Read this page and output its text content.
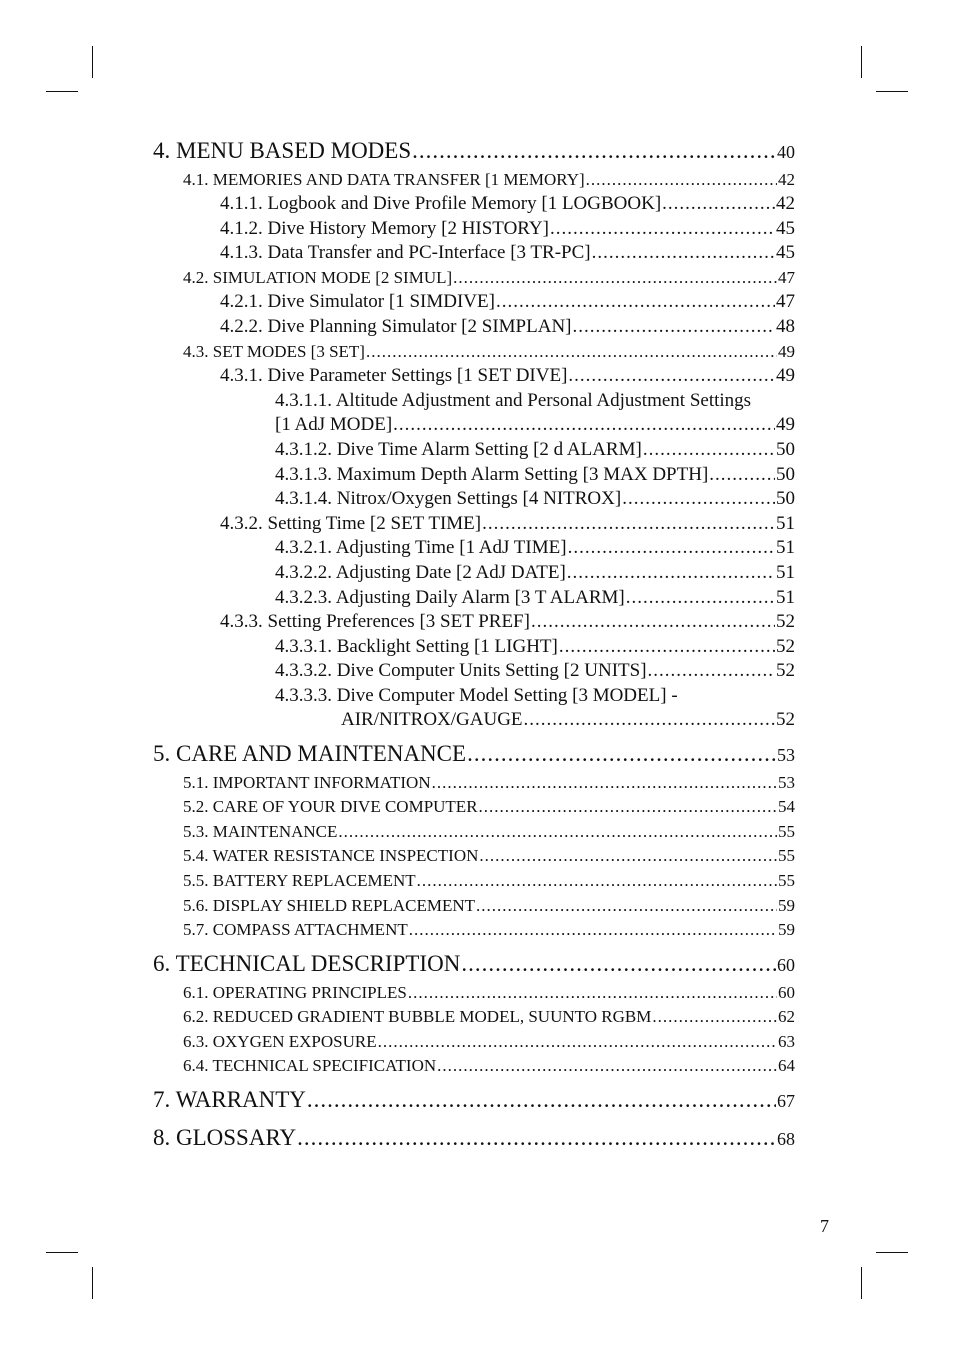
4. MENU BASED MODES .....	40
4.1. MEMORIES AND DATA TRANSFER [1 MEMORY] .....	42
4.1.1. Logbook and Dive Profile Memory [1 LOGBOOK] .....	42
4.1.2. Dive History Memory [2 HISTORY] .....	45
4.1.3. Data Transfer and PC-Interface [3 TR-PC] .....	45
4.2. SIMULATION MODE [2 SIMUL] .....	47
4.2.1. Dive Simulator [1 SIMDIVE] .....	47
4.2.2. Dive Planning Simulator [2 SIMPLAN] .....	48
4.3. SET MODES [3 SET] .....	49
4.3.1. Dive Parameter Settings [1 SET DIVE] .....	49
4.3.1.1. Altitude Adjustment and Personal Adjustment Settings
[1 AdJ MODE] .....	49
4.3.1.2. Dive Time Alarm Setting [2 d ALARM] .....	50
4.3.1.3. Maximum Depth Alarm Setting [3 MAX DPTH] .....	50
4.3.1.4. Nitrox/Oxygen Settings [4 NITROX] .....	50
4.3.2. Setting Time [2 SET TIME] .....	51
4.3.2.1. Adjusting Time [1 AdJ TIME] .....	51
4.3.2.2. Adjusting Date [2 AdJ DATE] .....	51
4.3.2.3. Adjusting Daily Alarm [3 T ALARM] .....	51
4.3.3. Setting Preferences [3 SET PREF] .....	52
4.3.3.1. Backlight Setting [1 LIGHT] .....	52
4.3.3.2. Dive Computer Units Setting [2 UNITS] .....	52
4.3.3.3. Dive Computer Model Setting [3 MODEL] -
AIR/NITROX/GAUGE .....	52
5. CARE AND MAINTENANCE .....	53
5.1. IMPORTANT INFORMATION .....	53
5.2. CARE OF YOUR DIVE COMPUTER .....	54
5.3. MAINTENANCE .....	55
5.4. WATER RESISTANCE INSPECTION .....	55
5.5. BATTERY REPLACEMENT .....	55
5.6. DISPLAY SHIELD REPLACEMENT .....	59
5.7. COMPASS ATTACHMENT .....	59
6. TECHNICAL DESCRIPTION .....	60
6.1. OPERATING PRINCIPLES .....	60
6.2. REDUCED GRADIENT BUBBLE MODEL, SUUNTO RGBM .....	62
6.3. OXYGEN EXPOSURE .....	63
6.4. TECHNICAL SPECIFICATION .....	64
7. WARRANTY .....	67
8. GLOSSARY .....	68
7
